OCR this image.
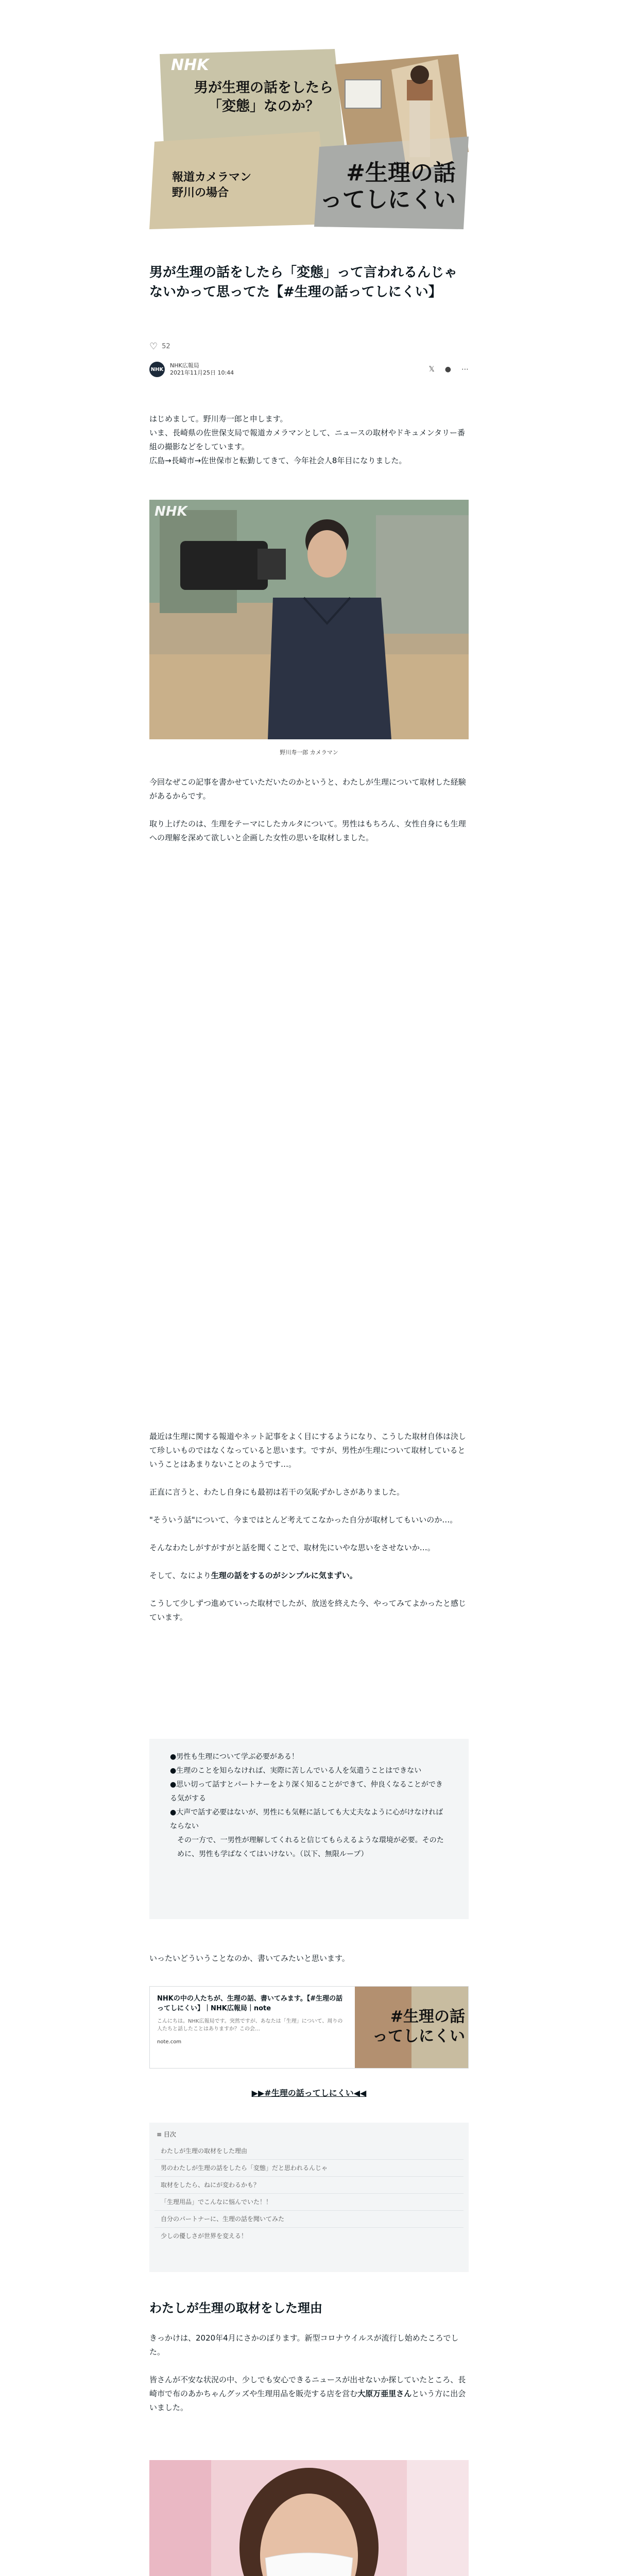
NHK
男が生理の話をしたら
「変態」なのか？
報道カメラマン
野川の場合
#生理の話
ってしにくい
男が生理の話をしたら「変態」って言われるんじゃないかって思ってた【#生理の話ってしにくい】
♡ 52
NHK
NHK広報局
2021年11月25日 10:44	𝕏 ● ⋯

はじめまして。野川寿一郎と申します。

いま、長崎県の佐世保支局で報道カメラマンとして、ニュースの取材やドキュメンタリー番組の撮影などをしています。

広島→長崎市→佐世保市と転勤してきて、今年社会人8年目になりました。

NHK
野川寿一郎 カメラマン

今回なぜこの記事を書かせていただいたのかというと、わたしが生理について取材した経験があるからです。

取り上げたのは、生理をテーマにしたカルタについて。男性はもちろん、女性自身にも生理への理解を深めて欲しいと企画した女性の思いを取材しました。

最近は生理に関する報道やネット記事をよく目にするようになり、こうした取材自体は決して珍しいものではなくなっていると思います。ですが、男性が生理について取材しているということはあまりないことのようです…。

正直に言うと、わたし自身にも最初は若干の気恥ずかしさがありました。

"そういう話"について、今まではとんど考えてこなかった自分が取材してもいいのか…。

そんなわたしがすがすがと話を聞くことで、取材先にいやな思いをさせないか…。

そして、なにより生理の話をするのがシンプルに気まずい。

こうして少しずつ進めていった取材でしたが、放送を終えた今、やってみてよかったと感じています。

●男性も生理について学ぶ必要がある！
●生理のことを知らなければ、実際に苦しんでいる人を気遣うことはできない
●思い切って話すとパートナーをより深く知ることができて、仲良くなることができる気がする
●大声で話す必要はないが、男性にも気軽に話しても大丈夫なように心がけなければならない
その一方で、一男性が理解してくれると信じてもらえるような環境が必要。そのために、男性も学ばなくてはいけない。（以下、無限ループ）

いったいどういうことなのか、書いてみたいと思います。

NHKの中の人たちが、生理の話、書いてみます。【#生理の話ってしにくい】｜NHK広報局｜note
こんにちは。NHK広報局です。突然ですが、あなたは「生理」について、周りの人たちと話したことはありますか？この会…
note.com
#生理の話
ってしにくい
▶▶#生理の話ってしにくい◀◀
≡ 目次
わたしが生理の取材をした理由
男のわたしが生理の話をしたら「変態」だと思われるんじゃ
取材をしたら、ねにが変わるかも？
「生理用品」でこんなに悩んでいた！！
自分のパートナーに、生理の話を聞いてみた
少しの優しさが世界を変える！
わたしが生理の取材をした理由

きっかけは、2020年4月にさかのぼります。新型コロナウイルスが流行し始めたころでした。

皆さんが不安な状況の中、少しでも安心できるニュースが出せないか探していたところ、長崎市で布のあかちゃんグッズや生理用品を販売する店を営む大原万亜里さんという方に出会いました。
